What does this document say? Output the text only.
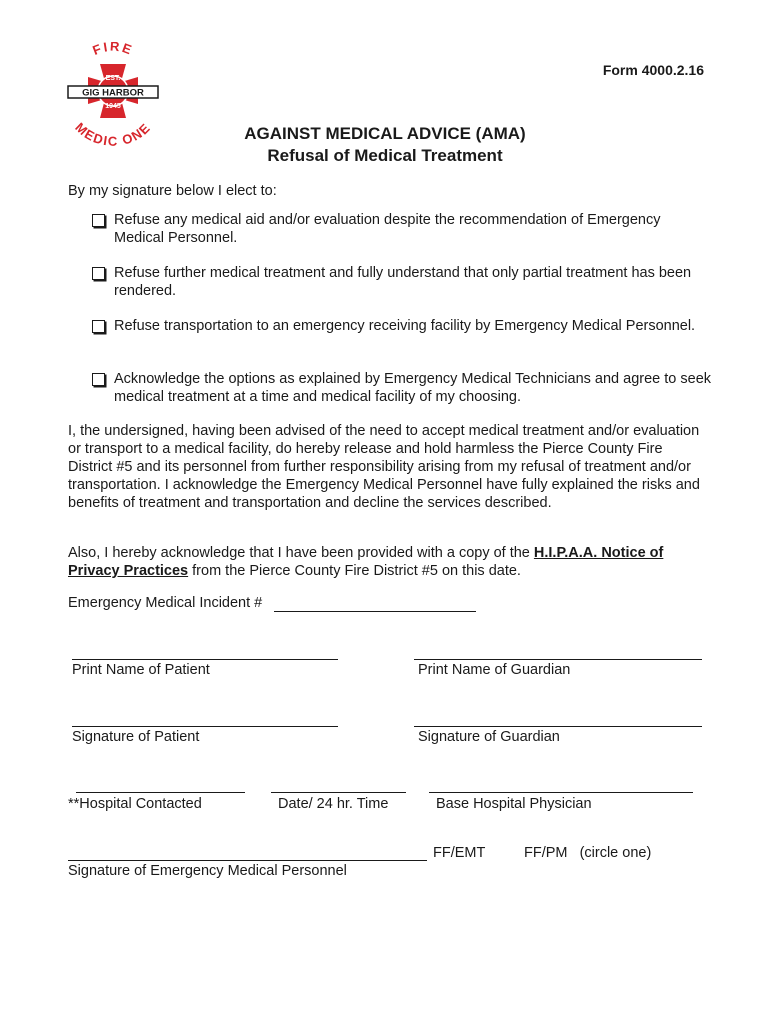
FIRE
EST.
GIG HARBOR
1945
MEDIC ONE
Form 4000.2.16
AGAINST MEDICAL ADVICE (AMA)
Refusal of Medical Treatment
By my signature below I elect to:
Refuse any medical aid and/or evaluation despite the recommendation of Emergency Medical Personnel.
Refuse further medical treatment and fully understand that only partial treatment has been rendered.
Refuse transportation to an emergency receiving facility by Emergency Medical Personnel.
Acknowledge the options as explained by Emergency Medical Technicians and agree to seek medical treatment at a time and medical facility of my choosing.
I, the undersigned, having been advised of the need to accept medical treatment and/or evaluation or transport to a medical facility, do hereby release and hold harmless the Pierce County Fire District #5 and its personnel from further responsibility arising from my refusal of treatment and/or transportation. I acknowledge the Emergency Medical Personnel have fully explained the risks and benefits of treatment and transportation and decline the services described.
Also, I hereby acknowledge that I have been provided with a copy of the H.I.P.A.A. Notice of Privacy Practices from the Pierce County Fire District #5 on this date.
Emergency Medical Incident #
Print Name of Patient	Print Name of Guardian
Signature of Patient	Signature of Guardian
**Hospital Contacted	Date/ 24 hr. Time	Base Hospital Physician
FF/EMT	FF/PM   (circle one)
Signature of Emergency Medical Personnel
